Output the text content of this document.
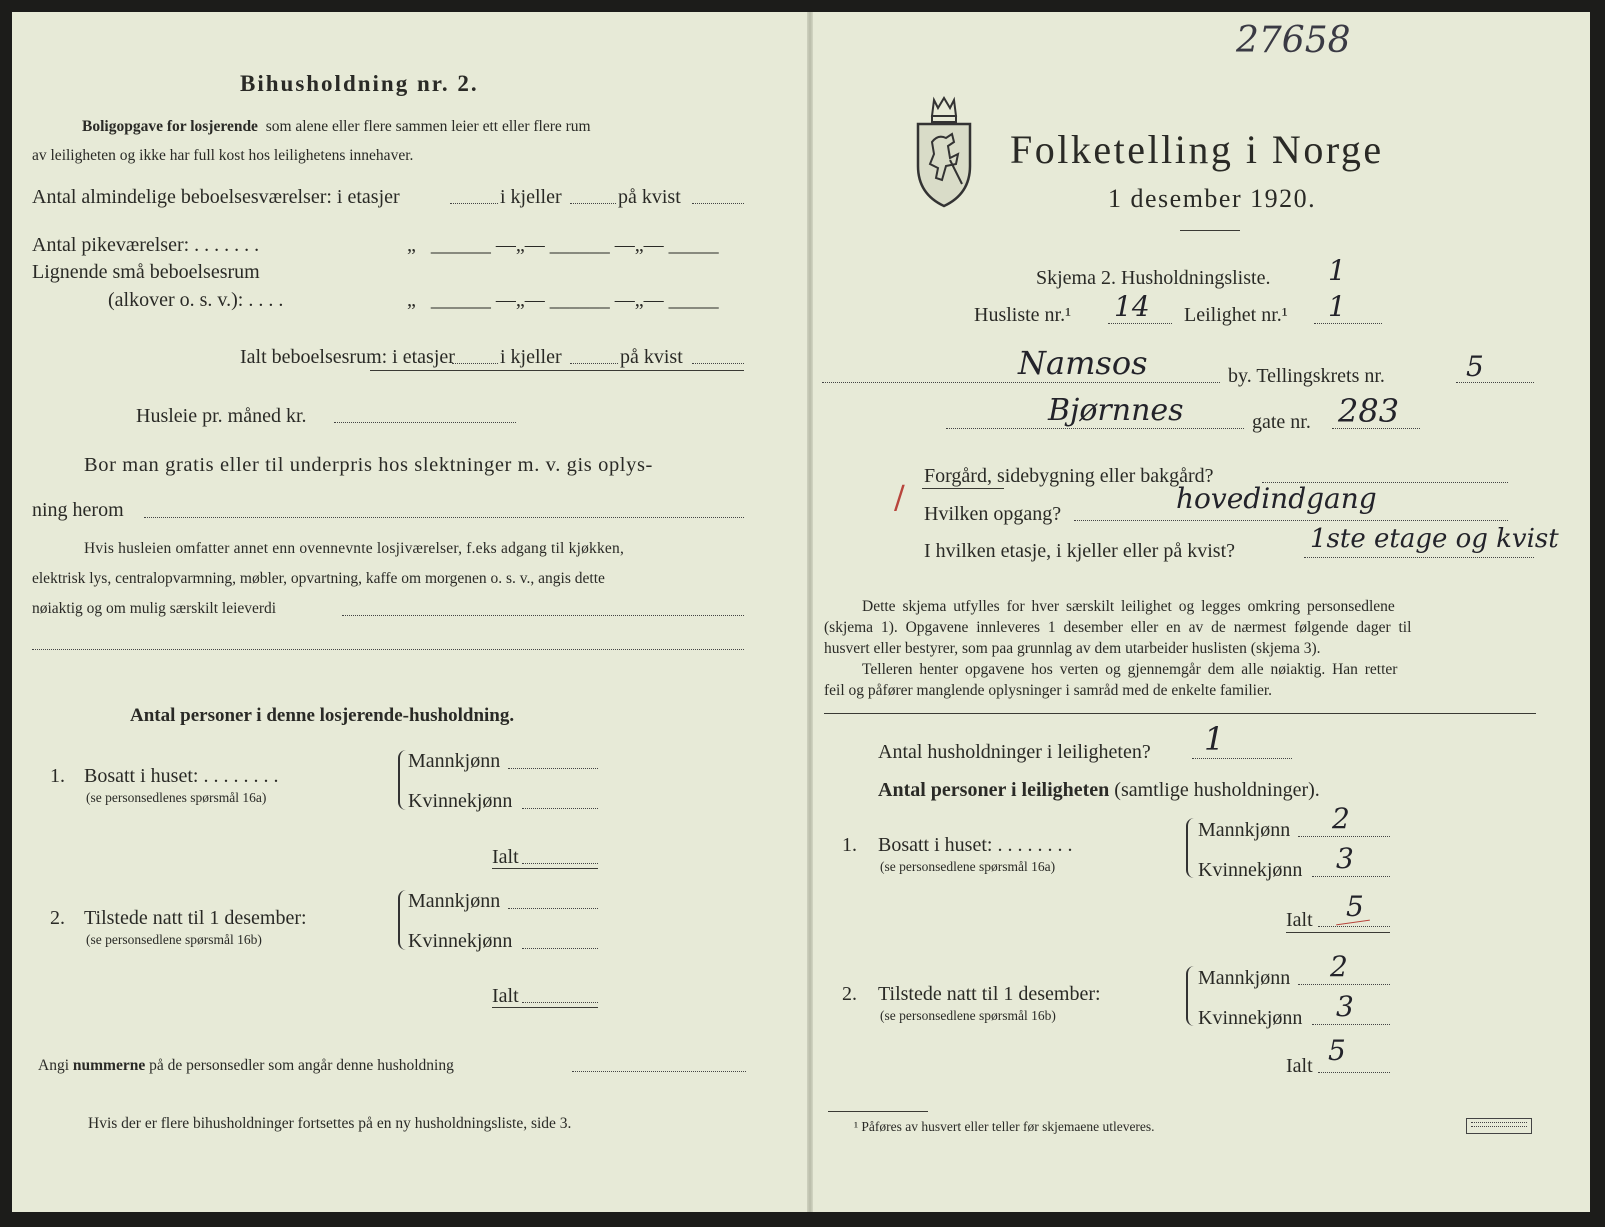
Bihusholdning nr. 2.
Boligopgave for losjerende som alene eller flere sammen leier ett eller flere rum
av leiligheten og ikke har full kost hos leilighetens innehaver.
Antal almindelige beboelsesværelser: i etasjer	i kjeller	på kvist
Antal pikeværelser: . . . . . . .	„   ______ —„— ______ —„— _____
Lignende små beboelsesrum
(alkover o. s. v.): . . . .	„   ______ —„— ______ —„— _____
Ialt beboelsesrum: i etasjer i kjeller	på kvist
Husleie pr. måned kr.
Bor man gratis eller til underpris hos slektninger m. v. gis oplys-
ning herom
Hvis husleien omfatter annet enn ovennevnte losjiværelser, f.eks adgang til kjøkken,
elektrisk lys, centralopvarmning, møbler, opvartning, kaffe om morgenen o. s. v., angis dette
nøiaktig og om mulig særskilt leieverdi
Antal personer i denne losjerende-husholdning.
1. Bosatt i huset: . . . . . . . .
(se personsedlenes spørsmål 16a)
Mannkjønn
Kvinnekjønn
Ialt
2. Tilstede natt til 1 desember:
(se personsedlene spørsmål 16b)
Mannkjønn
Kvinnekjønn
Ialt
Angi nummerne på de personsedler som angår denne husholdning
Hvis der er flere bihusholdninger fortsettes på en ny husholdningsliste, side 3.
27658
Folketelling i Norge
1 desember 1920.
Skjema 2. Husholdningsliste. 1
Husliste nr.¹ 14 Leilighet nr.¹ 1
Namsos	by. Tellingskrets nr.	5
Bjørnnes	gate nr. 283
Forgård, sidebygning eller bakgård?
/ Hvilken opgang?	hovedindgang
I hvilken etasje, i kjeller eller på kvist?	1ste etage og kvist
Dette skjema utfylles for hver særskilt leilighet og legges omkring personsedlene
(skjema 1). Opgavene innleveres 1 desember eller en av de nærmest følgende dager til
husvert eller bestyrer, som paa grunnlag av dem utarbeider huslisten (skjema 3).
Telleren henter opgavene hos verten og gjennemgår dem alle nøiaktig. Han retter
feil og påfører manglende oplysninger i samråd med de enkelte familier.
Antal husholdninger i leiligheten? 1
Antal personer i leiligheten (samtlige husholdninger).
1. Bosatt i huset: . . . . . . . .
(se personsedlene spørsmål 16a)
Mannkjønn 2
Kvinnekjønn 3
Ialt 5
2. Tilstede natt til 1 desember:
(se personsedlene spørsmål 16b)
Mannkjønn 2
Kvinnekjønn 3
Ialt 5
¹ Påføres av husvert eller teller før skjemaene utleveres.
